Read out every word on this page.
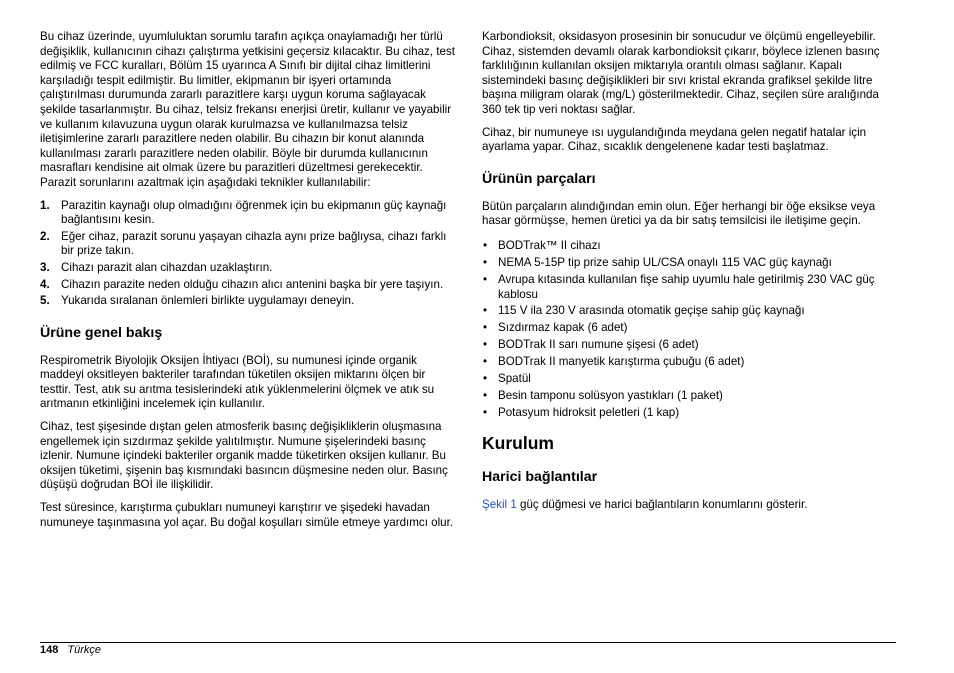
Bu cihaz üzerinde, uyumluluktan sorumlu tarafın açıkça onaylamadığı her türlü değişiklik, kullanıcının cihazı çalıştırma yetkisini geçersiz kılacaktır. Bu cihaz, test edilmiş ve FCC kuralları, Bölüm 15 uyarınca A Sınıfı bir dijital cihaz limitlerini karşıladığı tespit edilmiştir. Bu limitler, ekipmanın bir işyeri ortamında çalıştırılması durumunda zararlı parazitlere karşı uygun koruma sağlayacak şekilde tasarlanmıştır. Bu cihaz, telsiz frekansı enerjisi üretir, kullanır ve yayabilir ve kullanım kılavuzuna uygun olarak kurulmazsa ve kullanılmazsa telsiz iletişimlerine zararlı parazitlere neden olabilir. Bu cihazın bir konut alanında kullanılması zararlı parazitlere neden olabilir. Böyle bir durumda kullanıcının masrafları kendisine ait olmak üzere bu parazitleri düzeltmesi gerekecektir. Parazit sorunlarını azaltmak için aşağıdaki teknikler kullanılabilir:

1. Parazitin kaynağı olup olmadığını öğrenmek için bu ekipmanın güç kaynağı bağlantısını kesin.
2. Eğer cihaz, parazit sorunu yaşayan cihazla aynı prize bağlıysa, cihazı farklı bir prize takın.
3. Cihazı parazit alan cihazdan uzaklaştırın.
4. Cihazın parazite neden olduğu cihazın alıcı antenini başka bir yere taşıyın.
5. Yukarıda sıralanan önlemleri birlikte uygulamayı deneyin.
Ürüne genel bakış

Respirometrik Biyolojik Oksijen İhtiyacı (BOİ), su numunesi içinde organik maddeyi oksitleyen bakteriler tarafından tüketilen oksijen miktarını ölçen bir testtir. Test, atık su arıtma tesislerindeki atık yüklenmelerini ölçmek ve atık su arıtmanın etkinliğini incelemek için kullanılır.

Cihaz, test şişesinde dıştan gelen atmosferik basınç değişikliklerin oluşmasına engellemek için sızdırmaz şekilde yalıtılmıştır. Numune şişelerindeki basınç izlenir. Numune içindeki bakteriler organik madde tüketirken oksijen kullanır. Bu oksijen tüketimi, şişenin baş kısmındaki basıncın düşmesine neden olur. Basınç düşüşü doğrudan BOİ ile ilişkilidir.

Test süresince, karıştırma çubukları numuneyi karıştırır ve şişedeki havadan numuneye taşınmasına yol açar. Bu doğal koşulları simüle etmeye yardımcı olur.

Karbondioksit, oksidasyon prosesinin bir sonucudur ve ölçümü engelleyebilir. Cihaz, sistemden devamlı olarak karbondioksit çıkarır, böylece izlenen basınç farklılığının kullanılan oksijen miktarıyla orantılı olması sağlanır. Kapalı sistemindeki basınç değişiklikleri bir sıvı kristal ekranda grafiksel şekilde litre başına miligram olarak (mg/L) gösterilmektedir. Cihaz, seçilen süre aralığında 360 tek tip veri noktası sağlar.

Cihaz, bir numuneye ısı uygulandığında meydana gelen negatif hatalar için ayarlama yapar. Cihaz, sıcaklık dengelenene kadar testi başlatmaz.

Ürünün parçaları

Bütün parçaların alındığından emin olun. Eğer herhangi bir öğe eksikse veya hasar görmüşse, hemen üretici ya da bir satış temsilcisi ile iletişime geçin.

• BODTrak™ II cihazı
• NEMA 5-15P tip prize sahip UL/CSA onaylı 115 VAC güç kaynağı
• Avrupa kıtasında kullanılan fişe sahip uyumlu hale getirilmiş 230 VAC güç kablosu
• 115 V ila 230 V arasında otomatik geçişe sahip güç kaynağı
• Sızdırmaz kapak (6 adet)
• BODTrak II sarı numune şişesi (6 adet)
• BODTrak II manyetik karıştırma çubuğu (6 adet)
• Spatül
• Besin tamponu solüsyon yastıkları (1 paket)
• Potasyum hidroksit peletleri (1 kap)
Kurulum
Harici bağlantılar

Şekil 1 güç düğmesi ve harici bağlantıların konumlarını gösterir.

148 Türkçe
